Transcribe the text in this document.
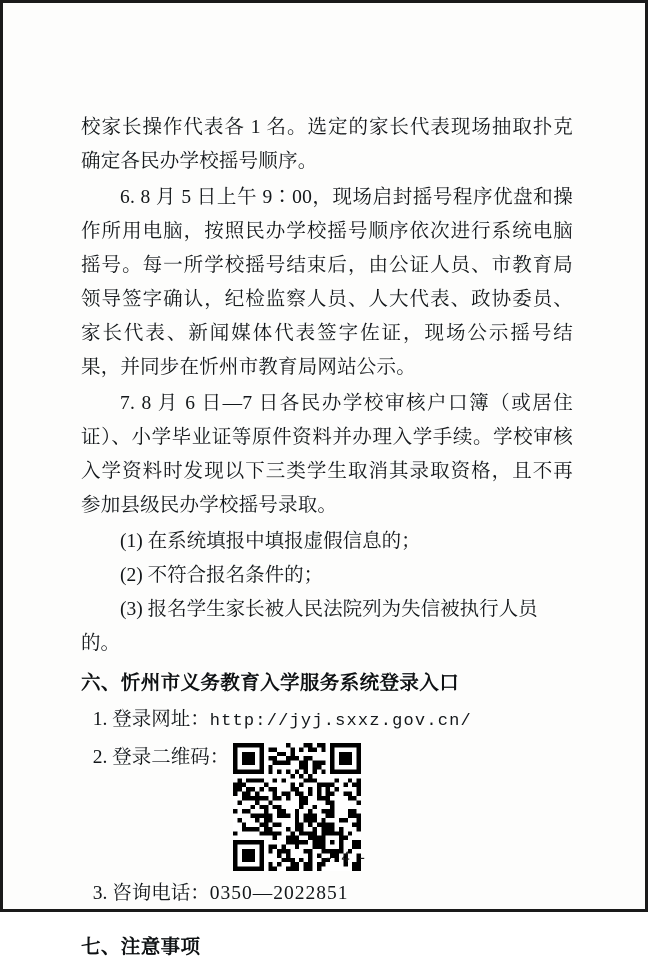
校家长操作代表各 1 名。选定的家长代表现场抽取扑克确定各民办学校摇号顺序。

6. 8 月 5 日上午 9∶00，现场启封摇号程序优盘和操作所用电脑，按照民办学校摇号顺序依次进行系统电脑摇号。每一所学校摇号结束后，由公证人员、市教育局领导签字确认，纪检监察人员、人大代表、政协委员、家长代表、新闻媒体代表签字佐证，现场公示摇号结果，并同步在忻州市教育局网站公示。

7. 8 月 6 日—7 日各民办学校审核户口簿（或居住证）、小学毕业证等原件资料并办理入学手续。学校审核入学资料时发现以下三类学生取消其录取资格，且不再参加县级民办学校摇号录取。

(1) 在系统填报中填报虚假信息的；

(2) 不符合报名条件的；

(3) 报名学生家长被人民法院列为失信被执行人员的。

六、忻州市义务教育入学服务系统登录入口

1. 登录网址：http://jyj.sxxz.gov.cn/

2. 登录二维码：

3. 咨询电话：0350—2022851

七、注意事项

- 4 -
